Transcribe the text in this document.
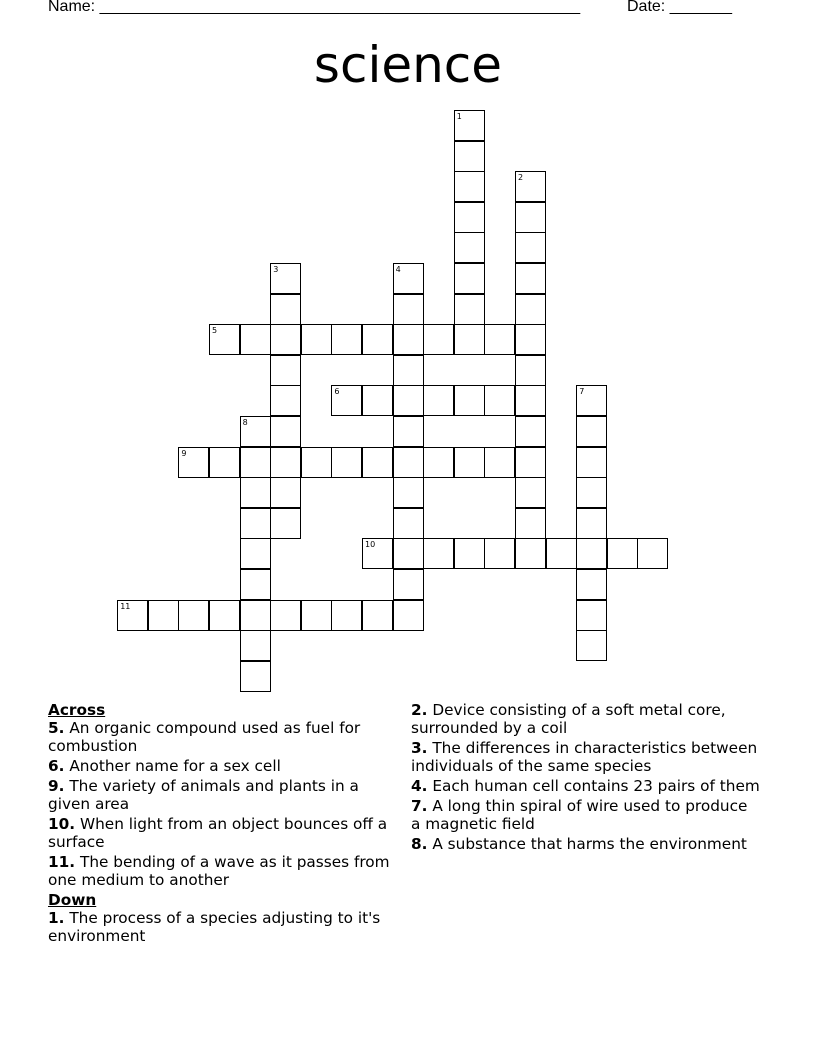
Name: ______________________________________________________	Date: _______
science
1
2
3	4
5
6	7
8
9
10
11
Across
5. An organic compound used as fuel for combustion
6. Another name for a sex cell
9. The variety of animals and plants in a given area
10. When light from an object bounces off a surface
11. The bending of a wave as it passes from one medium to another
Down
1. The process of a species adjusting to it's environment
2. Device consisting of a soft metal core, surrounded by a coil
3. The differences in characteristics between individuals of the same species
4. Each human cell contains 23 pairs of them
7. A long thin spiral of wire used to produce a magnetic field
8. A substance that harms the environment
